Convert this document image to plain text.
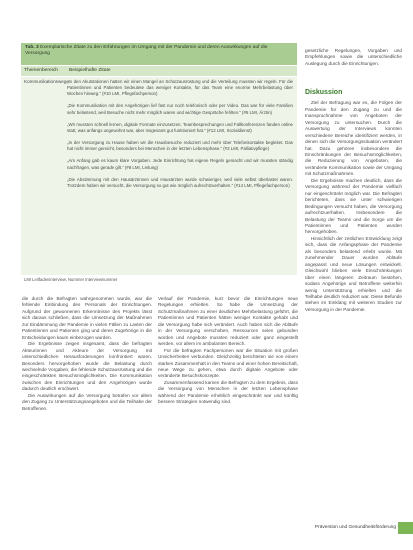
Tab. 3 Exemplarische Zitate zu den Erfahrungen im Umgang mit der Pandemie und deren Auswirkungen auf die Versorgung
Themenbereich	Beispielhafte Zitate
Kommunikationswege

„In den Akutstationen hatten wir einen Mangel an Schutzausrüstung und die Verteilung mussten wir regeln. Für die Patientinnen und Patienten bedeutete das weniger Kontakte, für das Team eine enorme Mehrbelastung über Wochen hinweg.“ (#10 LMI, Pflegefachperson)

„Die Kommunikation mit den Angehörigen lief fast nur noch telefonisch oder per Video. Das war für viele Familien sehr belastend, weil Besuche nicht mehr möglich waren und wichtige Gespräche fehlten.“ (#5 LMI, Ärztin)

„Wir mussten schnell lernen, digitale Formate einzusetzen. Teambesprechungen und Fallkonferenzen fanden online statt, was anfangs ungewohnt war, aber insgesamt gut funktioniert hat.“ (#12 LMI, Sozialdienst)

„In der Versorgung zu Hause haben wir die Hausbesuche reduziert und mehr über Telefonkontakte begleitet. Das hat nicht immer gereicht, besonders bei Menschen in der letzten Lebensphase.“ (#3 LMI, Palliativpflege)

„Am Anfang gab es kaum klare Vorgaben. Jede Einrichtung hat eigene Regeln gemacht und wir mussten ständig nachfragen, was gerade gilt.“ (#8 LMI, Leitung)

„Die Abstimmung mit den Hausärztinnen und Hausärzten wurde schwieriger, weil viele selbst überlastet waren. Trotzdem haben wir versucht, die Versorgung so gut wie möglich aufrechtzuerhalten.“ (#14 LMI, Pflegefachperson)

LMI Leitfadeninterview, Nummer Interviewnummer

die durch die Befragten wahrgenommen wurde, war die fehlende Einbindung des Personals der Einrichtungen. Aufgrund der gewonnenen Erkenntnisse des Projekts lässt sich daraus schließen, dass die Umsetzung der Maßnahmen zur Eindämmung der Pandemie in vielen Fällen zu Lasten der Patientinnen und Patienten ging und deren Zugehörige in die Entscheidungen kaum einbezogen wurden.

Die Ergebnisse zeigen insgesamt, dass die befragten Akteurinnen und Akteure der Versorgung mit unterschiedlichen Herausforderungen konfrontiert waren. Besonders hervorgehoben wurde die Belastung durch wechselnde Vorgaben, die fehlende Schutzausrüstung und die eingeschränkten Besuchsmöglichkeiten. Die Kommunikation zwischen den Einrichtungen und den Angehörigen wurde dadurch deutlich erschwert.

Die Auswirkungen auf die Versorgung betrafen vor allem den Zugang zu Unterstützungsangeboten und die Teilhabe der Betroffenen.

Verlauf der Pandemie, kurz bevor die Einrichtungen neue Regelungen erhielten. So habe die Umsetzung der Schutzmaßnahmen zu einer deutlichen Mehrbelastung geführt, die Patientinnen und Patienten hätten weniger Kontakte gehabt und die Versorgung habe sich verändert. Auch haben sich die Abläufe in der Versorgung verschoben, Ressourcen seien gebunden worden und Angebote mussten reduziert oder ganz eingestellt werden, vor allem im ambulanten Bereich.

Für die befragten Fachpersonen war die Situation mit großen Unsicherheiten verbunden. Gleichzeitig berichteten sie von einem starken Zusammenhalt in den Teams und einer hohen Bereitschaft, neue Wege zu gehen, etwa durch digitale Angebote oder veränderte Besuchskonzepte.

Zusammenfassend kamen die Befragten zu dem Ergebnis, dass die Versorgung von Menschen in der letzten Lebensphase während der Pandemie erheblich eingeschränkt war und künftig bessere Strategien notwendig sind.

gesetzliche Regelungen, Vorgaben und Empfehlungen sowie die unterschiedliche Auslegung durch die Einrichtungen.

Diskussion

Ziel der Befragung war es, die Folgen der Pandemie für den Zugang zu und die Inanspruchnahme von Angeboten der Versorgung zu untersuchen. Durch die Auswertung der Interviews konnten verschiedene Bereiche identifiziert werden, in denen sich die Versorgungssituation verändert hat. Dazu gehören insbesondere die Einschränkungen der Besuchsmöglichkeiten, die Reduzierung von Angeboten, die veränderte Kommunikation sowie der Umgang mit Schutzmaßnahmen.

Die Ergebnisse machen deutlich, dass die Versorgung während der Pandemie vielfach nur eingeschränkt möglich war. Die Befragten berichteten, dass sie unter schwierigen Bedingungen versucht haben, die Versorgung aufrechtzuerhalten. Insbesondere die Belastung der Teams und die Sorge um die Patientinnen und Patienten wurden hervorgehoben.

Hinsichtlich der zeitlichen Entwicklung zeigt sich, dass die Anfangsphase der Pandemie als besonders belastend erlebt wurde. Mit zunehmender Dauer wurden Abläufe angepasst und neue Lösungen entwickelt. Gleichwohl blieben viele Einschränkungen über einen längeren Zeitraum bestehen, sodass Angehörige und Betroffene weiterhin wenig Unterstützung erhielten und die Teilhabe deutlich reduziert war. Diese Befunde stehen im Einklang mit weiteren Studien zur Versorgung in der Pandemie.

Prävention und Gesundheitsförderung
